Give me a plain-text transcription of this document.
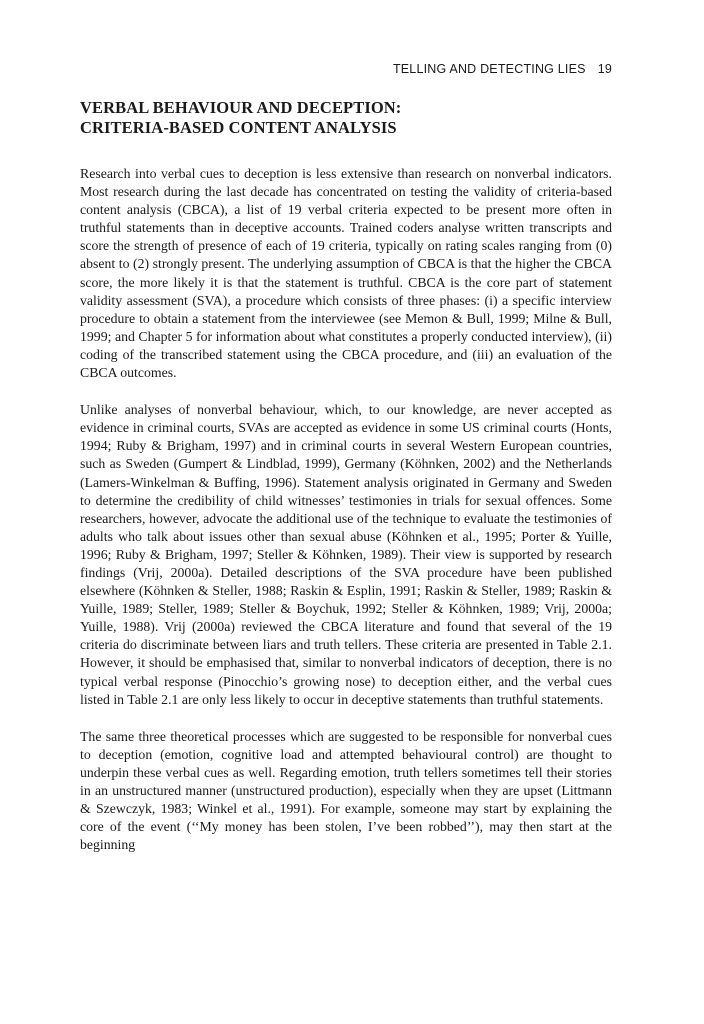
TELLING AND DETECTING LIES 19
VERBAL BEHAVIOUR AND DECEPTION:
CRITERIA-BASED CONTENT ANALYSIS

Research into verbal cues to deception is less extensive than research on nonverbal indicators. Most research during the last decade has concentrated on testing the validity of criteria-based content analysis (CBCA), a list of 19 verbal criteria expected to be present more often in truthful statements than in deceptive accounts. Trained coders analyse written transcripts and score the strength of presence of each of 19 criteria, typically on rating scales ranging from (0) absent to (2) strongly present. The underlying assumption of CBCA is that the higher the CBCA score, the more likely it is that the statement is truthful. CBCA is the core part of statement validity assessment (SVA), a procedure which consists of three phases: (i) a specific interview procedure to obtain a statement from the interviewee (see Memon & Bull, 1999; Milne & Bull, 1999; and Chapter 5 for information about what constitutes a properly conducted interview), (ii) coding of the transcribed statement using the CBCA procedure, and (iii) an evaluation of the CBCA outcomes.

Unlike analyses of nonverbal behaviour, which, to our knowledge, are never accepted as evidence in criminal courts, SVAs are accepted as evidence in some US criminal courts (Honts, 1994; Ruby & Brigham, 1997) and in criminal courts in several Western European countries, such as Sweden (Gumpert & Lindblad, 1999), Germany (Köhnken, 2002) and the Netherlands (Lamers-Winkelman & Buffing, 1996). Statement analysis originated in Germany and Sweden to determine the credibility of child witnesses’ testimonies in trials for sexual offences. Some researchers, however, advocate the additional use of the technique to evaluate the testimonies of adults who talk about issues other than sexual abuse (Köhnken et al., 1995; Porter & Yuille, 1996; Ruby & Brigham, 1997; Steller & Köhnken, 1989). Their view is supported by research findings (Vrij, 2000a). Detailed descriptions of the SVA procedure have been published elsewhere (Köhnken & Steller, 1988; Raskin & Esplin, 1991; Raskin & Steller, 1989; Raskin & Yuille, 1989; Steller, 1989; Steller & Boychuk, 1992; Steller & Köhnken, 1989; Vrij, 2000a; Yuille, 1988). Vrij (2000a) reviewed the CBCA literature and found that several of the 19 criteria do discriminate between liars and truth tellers. These criteria are presented in Table 2.1. However, it should be emphasised that, similar to nonverbal indicators of deception, there is no typical verbal response (Pinocchio’s growing nose) to deception either, and the verbal cues listed in Table 2.1 are only less likely to occur in deceptive statements than truthful statements.

The same three theoretical processes which are suggested to be responsible for nonverbal cues to deception (emotion, cognitive load and attempted behavioural control) are thought to underpin these verbal cues as well. Regarding emotion, truth tellers sometimes tell their stories in an unstructured manner (unstructured production), especially when they are upset (Littmann & Szewczyk, 1983; Winkel et al., 1991). For example, someone may start by explaining the core of the event (‘‘My money has been stolen, I’ve been robbed’’), may then start at the beginning
